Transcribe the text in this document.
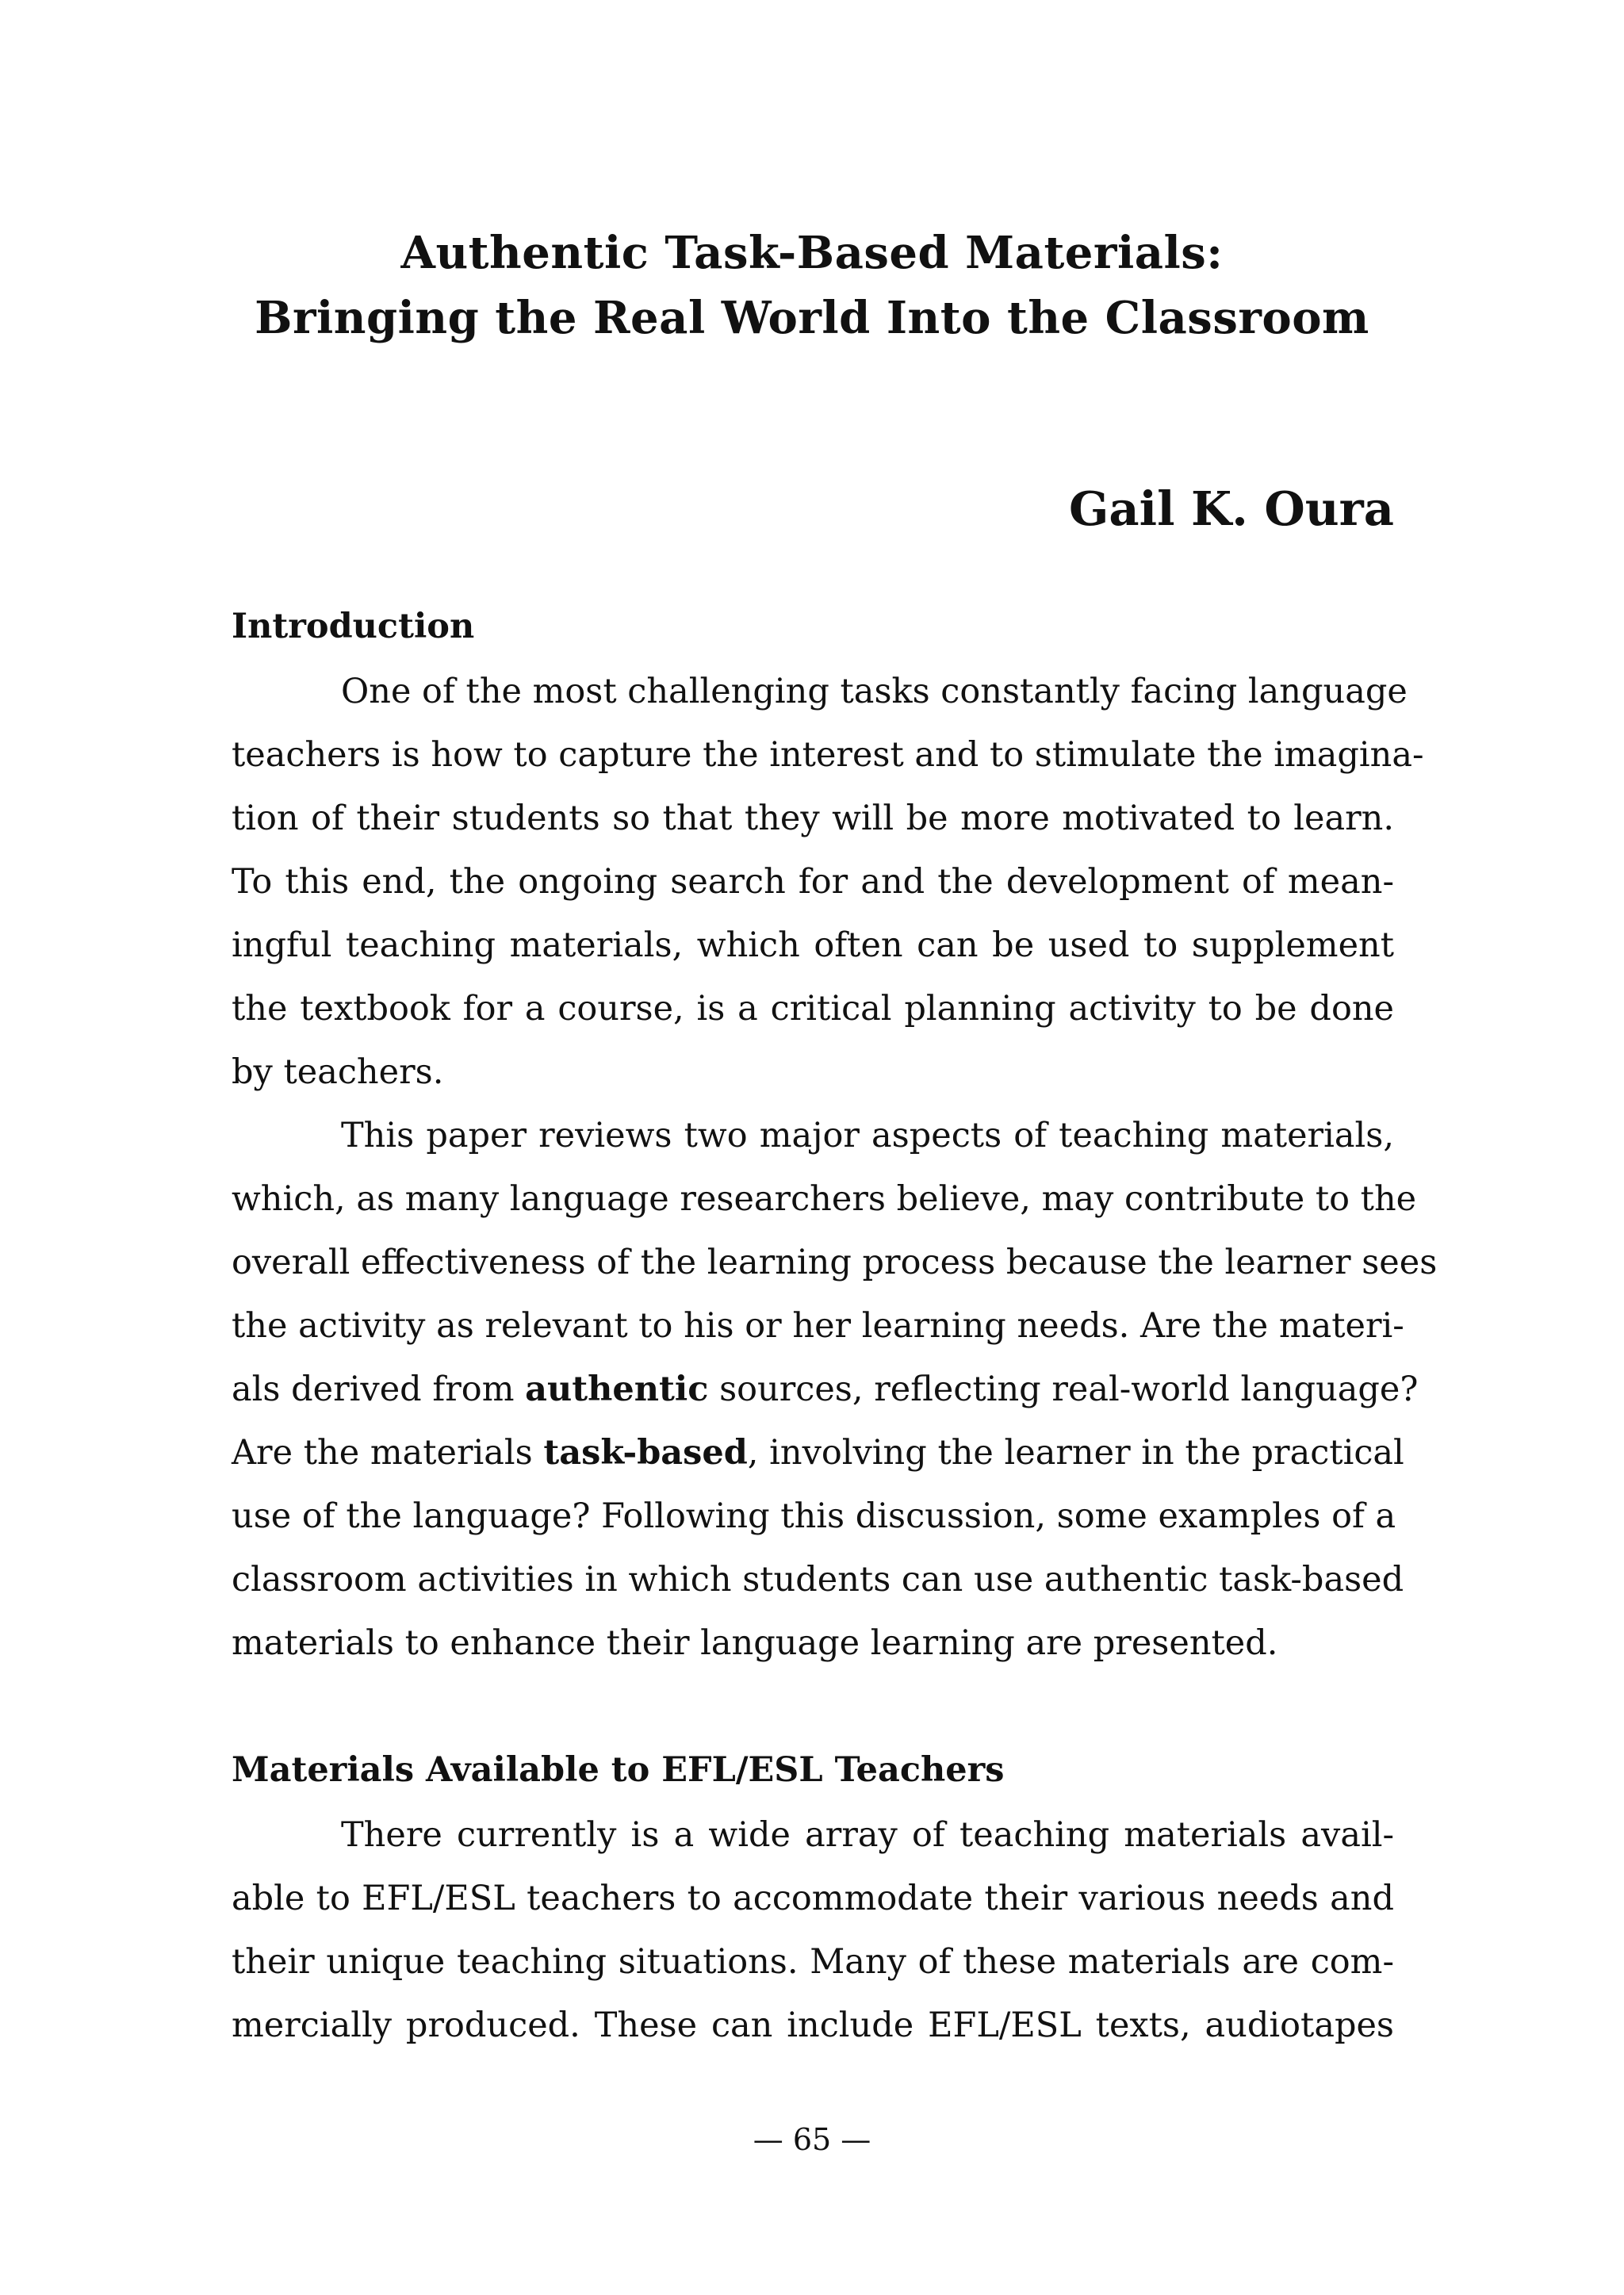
Authentic Task-Based Materials:
Bringing the Real World Into the Classroom
Gail K. Oura
Introduction
One of the most challenging tasks constantly facing language
teachers is how to capture the interest and to stimulate the imagina-
tion of their students so that they will be more motivated to learn.
To this end, the ongoing search for and the development of mean-
ingful teaching materials, which often can be used to supplement
the textbook for a course, is a critical planning activity to be done
by teachers.
This paper reviews two major aspects of teaching materials,
which, as many language researchers believe, may contribute to the
overall effectiveness of the learning process because the learner sees
the activity as relevant to his or her learning needs. Are the materi-
als derived from authentic sources, reflecting real-world language?
Are the materials task-based, involving the learner in the practical
use of the language? Following this discussion, some examples of a
classroom activities in which students can use authentic task-based
materials to enhance their language learning are presented.
Materials Available to EFL/ESL Teachers
There currently is a wide array of teaching materials avail-
able to EFL/ESL teachers to accommodate their various needs and
their unique teaching situations. Many of these materials are com-
mercially produced. These can include EFL/ESL texts, audiotapes
— 65 —
